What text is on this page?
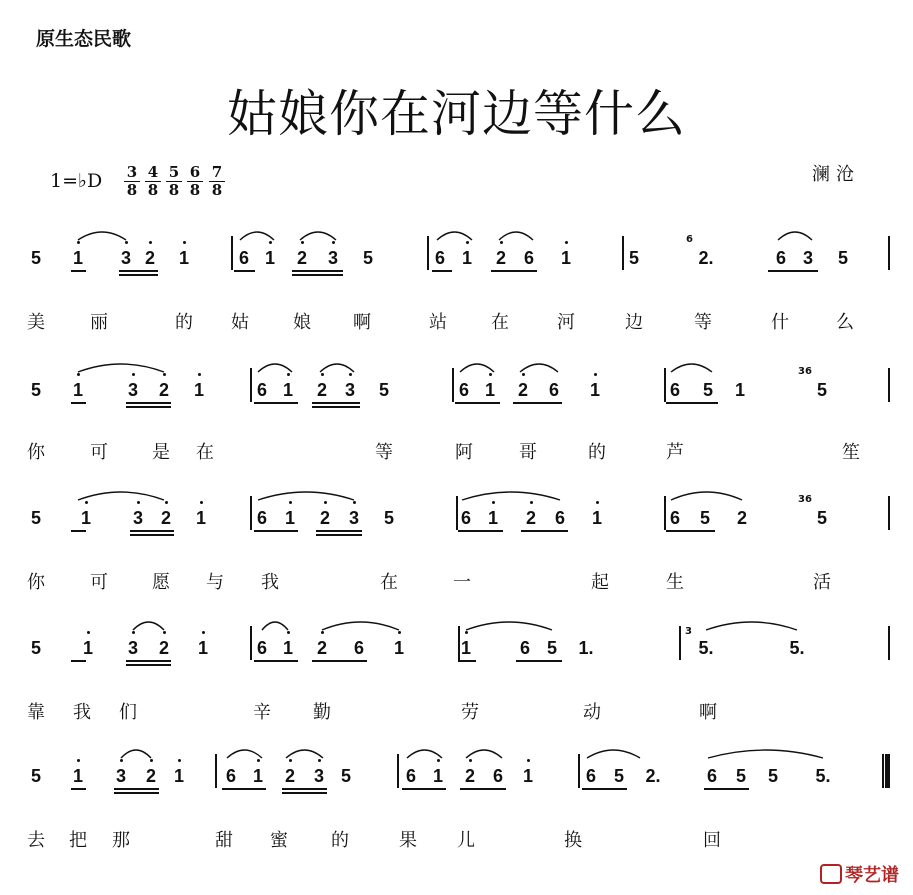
原生态民歌
姑娘你在河边等什么
1=♭D 3
8
4
8
5
8
6
8
7
8
澜沧
5 1 3 2 1	6 1 2 3 5	6 1 2 6 1	5	2.	6 3 5
美	丽	的 姑 娘 啊	站 在	河	边	等	什	么
6
5 1 3 2 1	6 1 2 3 5	6 1 2 6 1	6 5 1	5
你	可 是 在	等	阿	哥	的	芦	笙
36
5 1 3 2 1	6 1 2 3 5	6 1 2 6 1	6 5 2	5
你	可 愿 与 我	在	一	起	生	活
36
5 1 3 2 1	6 1 2 6 1	1	6 5 1.	5.	5.
靠 我 们	辛 勤	劳	动	啊
3
5 1 3 2 1 6 1 2 3 5	6 1 2 6 1	6 5 2.	6 5 5 5.
去 把 那	甜 蜜 的	果 儿	换	回
琴艺谱
